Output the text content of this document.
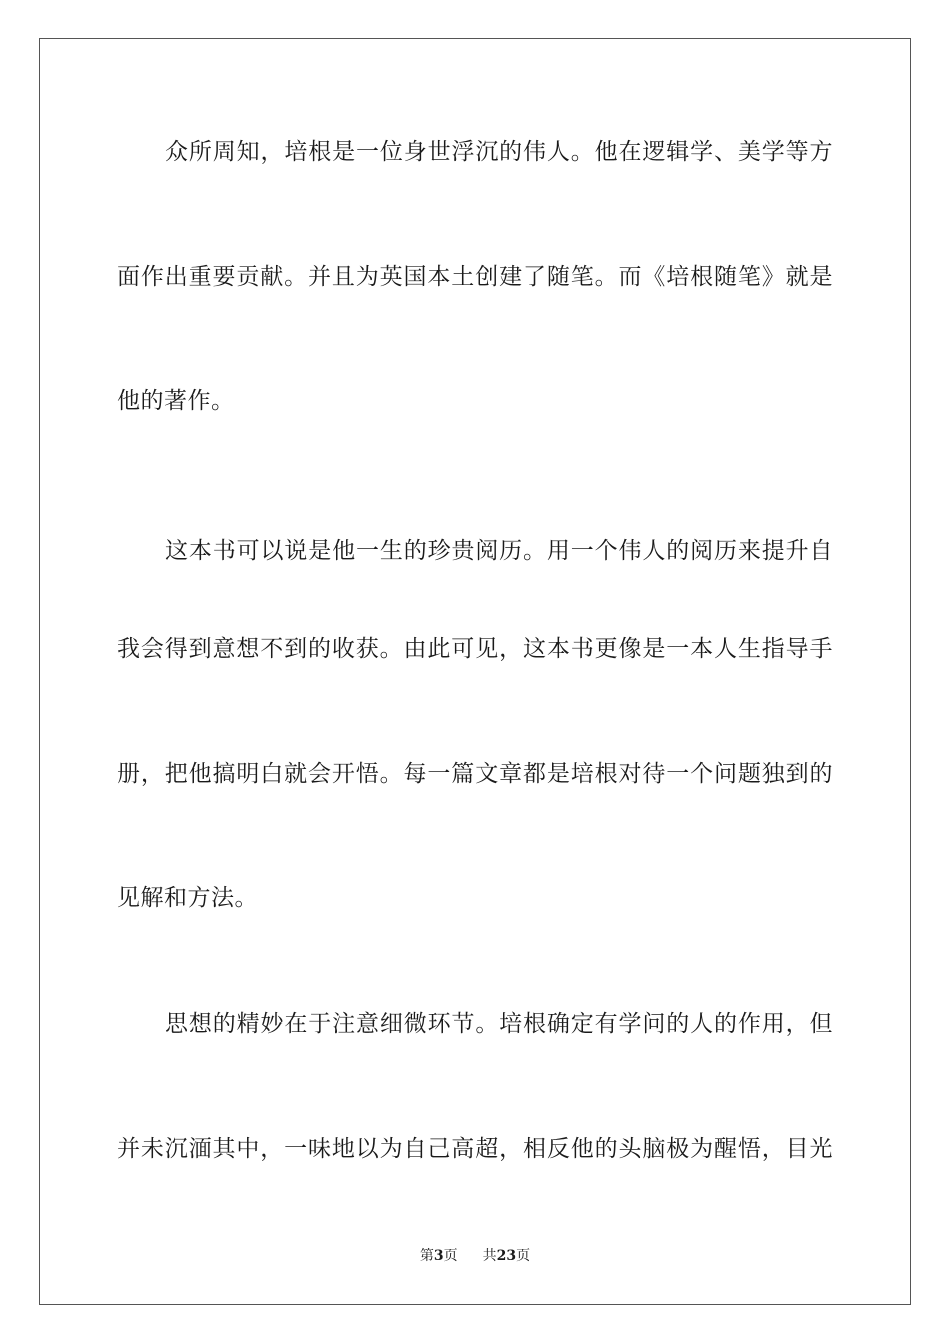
众所周知，培根是一位身世浮沉的伟人。他在逻辑学、美学等方
面作出重要贡献。并且为英国本土创建了随笔。而《培根随笔》就是
他的著作。
这本书可以说是他一生的珍贵阅历。用一个伟人的阅历来提升自
我会得到意想不到的收获。由此可见，这本书更像是一本人生指导手
册，把他搞明白就会开悟。每一篇文章都是培根对待一个问题独到的
见解和方法。
思想的精妙在于注意细微环节。培根确定有学问的人的作用，但
并未沉湎其中，一味地以为自己高超，相反他的头脑极为醒悟，目光
第3页 共23页
